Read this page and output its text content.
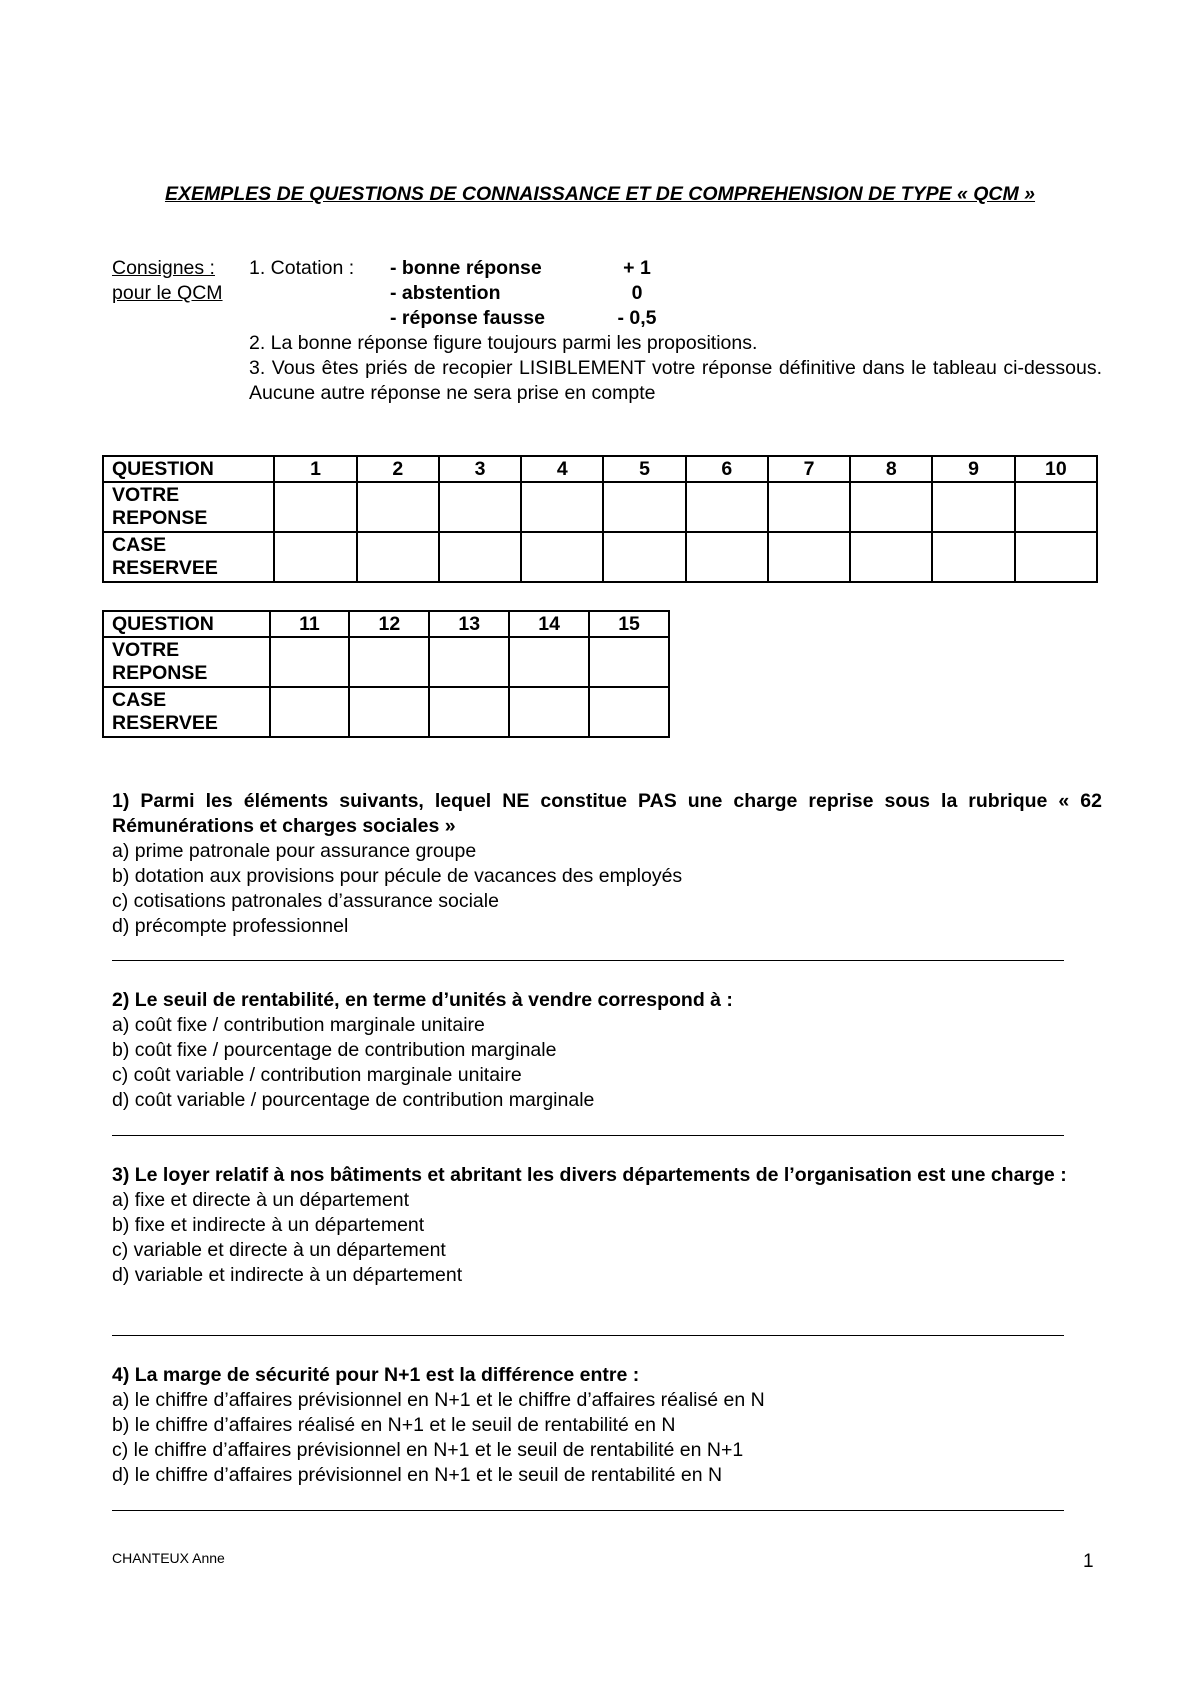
EXEMPLES DE QUESTIONS DE CONNAISSANCE ET DE COMPREHENSION DE TYPE « QCM »
Consignes :
pour le QCM
1. Cotation : - bonne réponse	+ 1
- abstention	0
- réponse fausse	- 0,5
2. La bonne réponse figure toujours parmi les propositions.
3. Vous êtes priés de recopier LISIBLEMENT votre réponse définitive dans le tableau ci-dessous. Aucune autre réponse ne sera prise en compte
QUESTION	1	2	3	4	5	6	7	8	9	10
VOTRE REPONSE										
CASE RESERVEE										
QUESTION	11	12	13	14	15
VOTRE REPONSE					
CASE RESERVEE					
1) Parmi les éléments suivants, lequel NE constitue PAS une charge reprise sous la rubrique « 62 Rémunérations et charges sociales »
a) prime patronale pour assurance groupe
b) dotation aux provisions pour pécule de vacances des employés
c) cotisations patronales d’assurance sociale
d) précompte professionnel
2) Le seuil de rentabilité, en terme d’unités à vendre correspond à :
a) coût fixe / contribution marginale unitaire
b) coût fixe / pourcentage de contribution marginale
c) coût variable / contribution marginale unitaire
d) coût variable / pourcentage de contribution marginale
3) Le loyer relatif à nos bâtiments et abritant les divers départements de l’organisation est une charge :
a) fixe et directe à un département
b) fixe et indirecte à un département
c) variable et directe à un département
d) variable et indirecte à un département
4) La marge de sécurité pour N+1 est la différence entre :
a) le chiffre d’affaires prévisionnel en N+1 et le chiffre d’affaires réalisé en N
b) le chiffre d’affaires réalisé en N+1 et le seuil de rentabilité en N
c) le chiffre d’affaires prévisionnel en N+1 et le seuil de rentabilité en N+1
d) le chiffre d’affaires prévisionnel en N+1 et le seuil de rentabilité en N
CHANTEUX Anne	1
